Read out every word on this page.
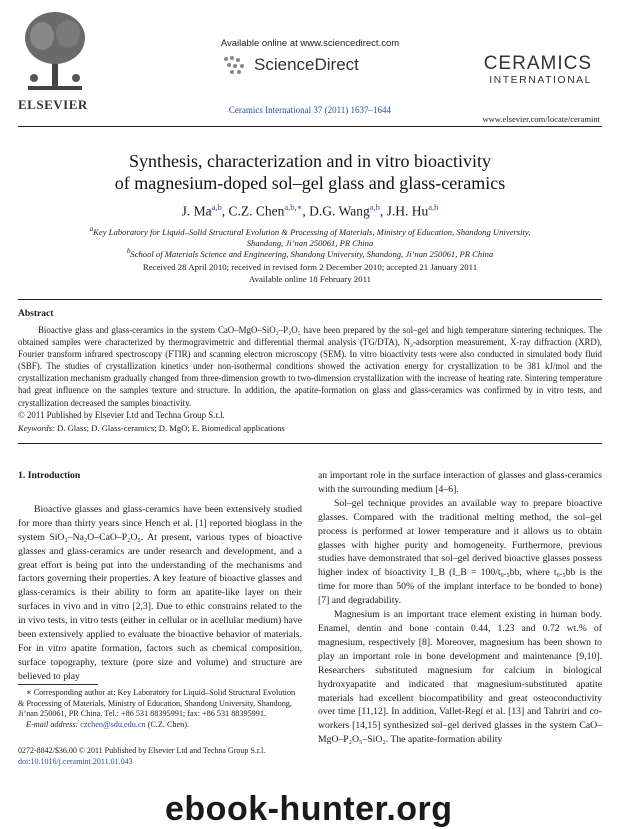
ELSEVIER
Available online at www.sciencedirect.com
ScienceDirect
Ceramics International 37 (2011) 1637–1644
CERAMICS
INTERNATIONAL
www.elsevier.com/locate/ceramint
Synthesis, characterization and in vitro bioactivity
of magnesium-doped sol–gel glass and glass-ceramics
J. Ma$^{a,b}$, C.Z. Chen$^{a,b,∗}$, D.G. Wang$^{a,b}$, J.H. Hu$^{a,b}$
$^a$Key Laboratory for Liquid–Solid Structural Evolution & Processing of Materials, Ministry of Education, Shandong University,
Shandong, Ji’nan 250061, PR China
$^b$School of Materials Science and Engineering, Shandong University, Shandong, Ji’nan 250061, PR China
Received 28 April 2010; received in revised form 2 December 2010; accepted 21 January 2011
Available online 18 February 2011
Abstract
Bioactive glass and glass-ceramics in the system CaO–MgO–SiO₂–P₂O₅ have been prepared by the sol–gel and high temperature sintering techniques. The obtained samples were characterized by thermogravimetric and differential thermal analysis (TG/DTA), N₂-adsorption measurement, X-ray diffraction (XRD), Fourier transform infrared spectroscopy (FTIR) and scanning electron microscopy (SEM). In vitro bioactivity tests were also conducted in simulated body fluid (SBF). The studies of crystallization kinetics under non-isothermal conditions showed the activation energy for crystallization to be 381 kJ/mol and the crystallization mechanism gradually changed from three-dimension growth to two-dimension crystallization with the increase of heating rate. Sintering temperature had great influence on the samples texture and structure. In addition, the apatite-formation on glass and glass-ceramics was confirmed by in vitro tests, and crystallization decreased the samples bioactivity.
© 2011 Published by Elsevier Ltd and Techna Group S.r.l.
Keywords: D. Glass; D. Glass-ceramics; D. MgO; E. Biomedical applications
1. Introduction

Bioactive glasses and glass-ceramics have been extensively studied for more than thirty years since Hench et al. [1] reported bioglass in the system SiO₂–Na₂O–CaO–P₂O₅. At present, various types of bioactive glasses and glass-ceramics are under research and development, and a great effort is being put into the understanding of the mechanisms and factors governing their properties. A key feature of bioactive glasses and glass-ceramics is their ability to form an apatite-like layer on their surfaces in vivo and in vitro [2,3]. Due to ethic constrains related to the in vivo tests, in vitro tests (either in cellular or in acellular medium) have been extensively applied to evaluate the bioactive behavior of materials. For in vitro apatite formation, factors such as chemical composition, surface topography, texture (pore size and volume) and structure are believed to play

∗ Corresponding author at: Key Laboratory for Liquid–Solid Structural Evolution & Processing of Materials, Ministry of Education, Shandong University, Shandong, Ji’nan 250061, PR China. Tel.: +86 531 88395991; fax: +86 531 88395991.
E-mail address: czchen@sdu.edu.cn (C.Z. Chen).
0272-8842/$36.00 © 2011 Published by Elsevier Ltd and Techna Group S.r.l.
doi:10.1016/j.ceramint.2011.01.043

an important role in the surface interaction of glasses and glass-ceramics with the surrounding medium [4–6].

Sol–gel technique provides an available way to prepare bioactive glasses. Compared with the traditional melting method, the sol–gel process is performed at lower temperature and it allows us to obtain glasses with higher purity and homogeneity. Furthermore, previous studies have demonstrated that sol–gel derived bioactive glasses possess higher index of bioactivity I_B (I_B = 100/t₀.₅bb, where t₀.₅bb is the time for more than 50% of the implant interface to be bonded to bone) [7] and degradability.

Magnesium is an important trace element existing in human body. Enamel, dentin and bone contain 0.44, 1.23 and 0.72 wt.% of magnesium, respectively [8]. Moreover, magnesium has been shown to play an important role in bone development and maintenance [9,10]. Researchers substituted magnesium for calcium in biological hydroxyapatite and indicated that magnesium-substituted apatite materials had excellent biocompatibility and great osteoconductivity over time [11,12]. In addition, Vallet-Regí et al. [13] and Tahriri and co-workers [14,15] synthesized sol–gel derived glasses in the system CaO–MgO–P₂O₅–SiO₂. The apatite-formation ability

ebook-hunter.org
